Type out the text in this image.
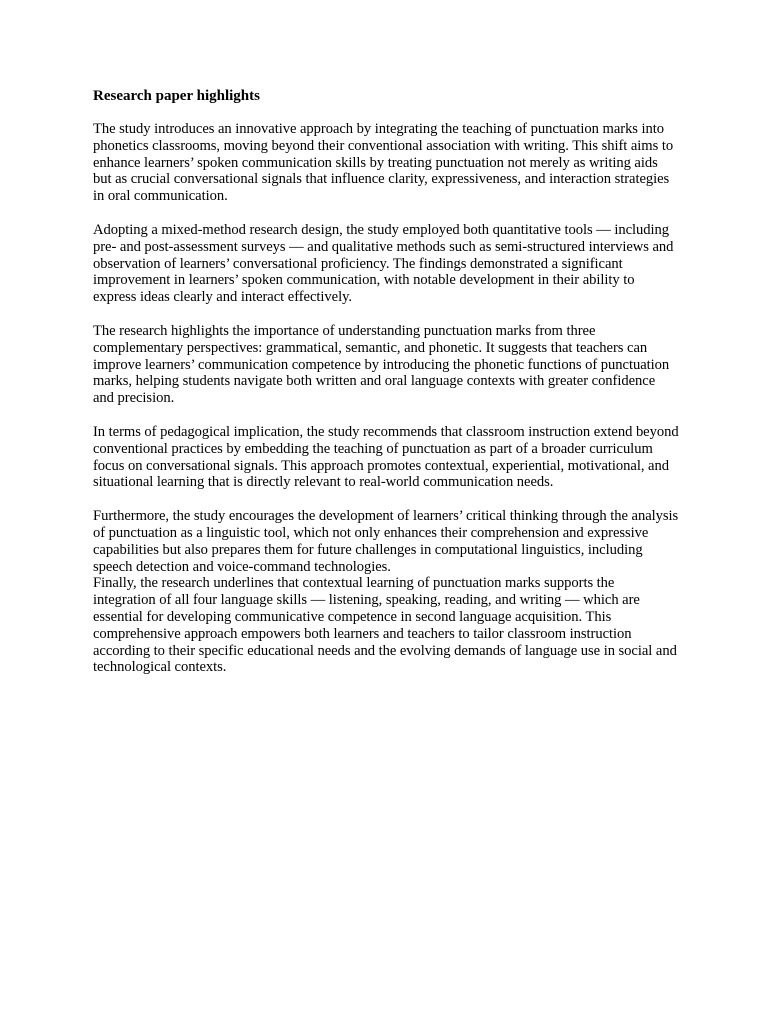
Research paper highlights

The study introduces an innovative approach by integrating the teaching of punctuation marks into phonetics classrooms, moving beyond their conventional association with writing. This shift aims to enhance learners’ spoken communication skills by treating punctuation not merely as writing aids but as crucial conversational signals that influence clarity, expressiveness, and interaction strategies in oral communication.

Adopting a mixed-method research design, the study employed both quantitative tools — including pre- and post-assessment surveys — and qualitative methods such as semi-structured interviews and observation of learners’ conversational proficiency. The findings demonstrated a significant improvement in learners’ spoken communication, with notable development in their ability to express ideas clearly and interact effectively.

The research highlights the importance of understanding punctuation marks from three complementary perspectives: grammatical, semantic, and phonetic. It suggests that teachers can improve learners’ communication competence by introducing the phonetic functions of punctuation marks, helping students navigate both written and oral language contexts with greater confidence and precision.

In terms of pedagogical implication, the study recommends that classroom instruction extend beyond conventional practices by embedding the teaching of punctuation as part of a broader curriculum focus on conversational signals. This approach promotes contextual, experiential, motivational, and situational learning that is directly relevant to real-world communication needs.

Furthermore, the study encourages the development of learners’ critical thinking through the analysis of punctuation as a linguistic tool, which not only enhances their comprehension and expressive capabilities but also prepares them for future challenges in computational linguistics, including speech detection and voice-command technologies.

Finally, the research underlines that contextual learning of punctuation marks supports the integration of all four language skills — listening, speaking, reading, and writing — which are essential for developing communicative competence in second language acquisition. This comprehensive approach empowers both learners and teachers to tailor classroom instruction according to their specific educational needs and the evolving demands of language use in social and technological contexts.
